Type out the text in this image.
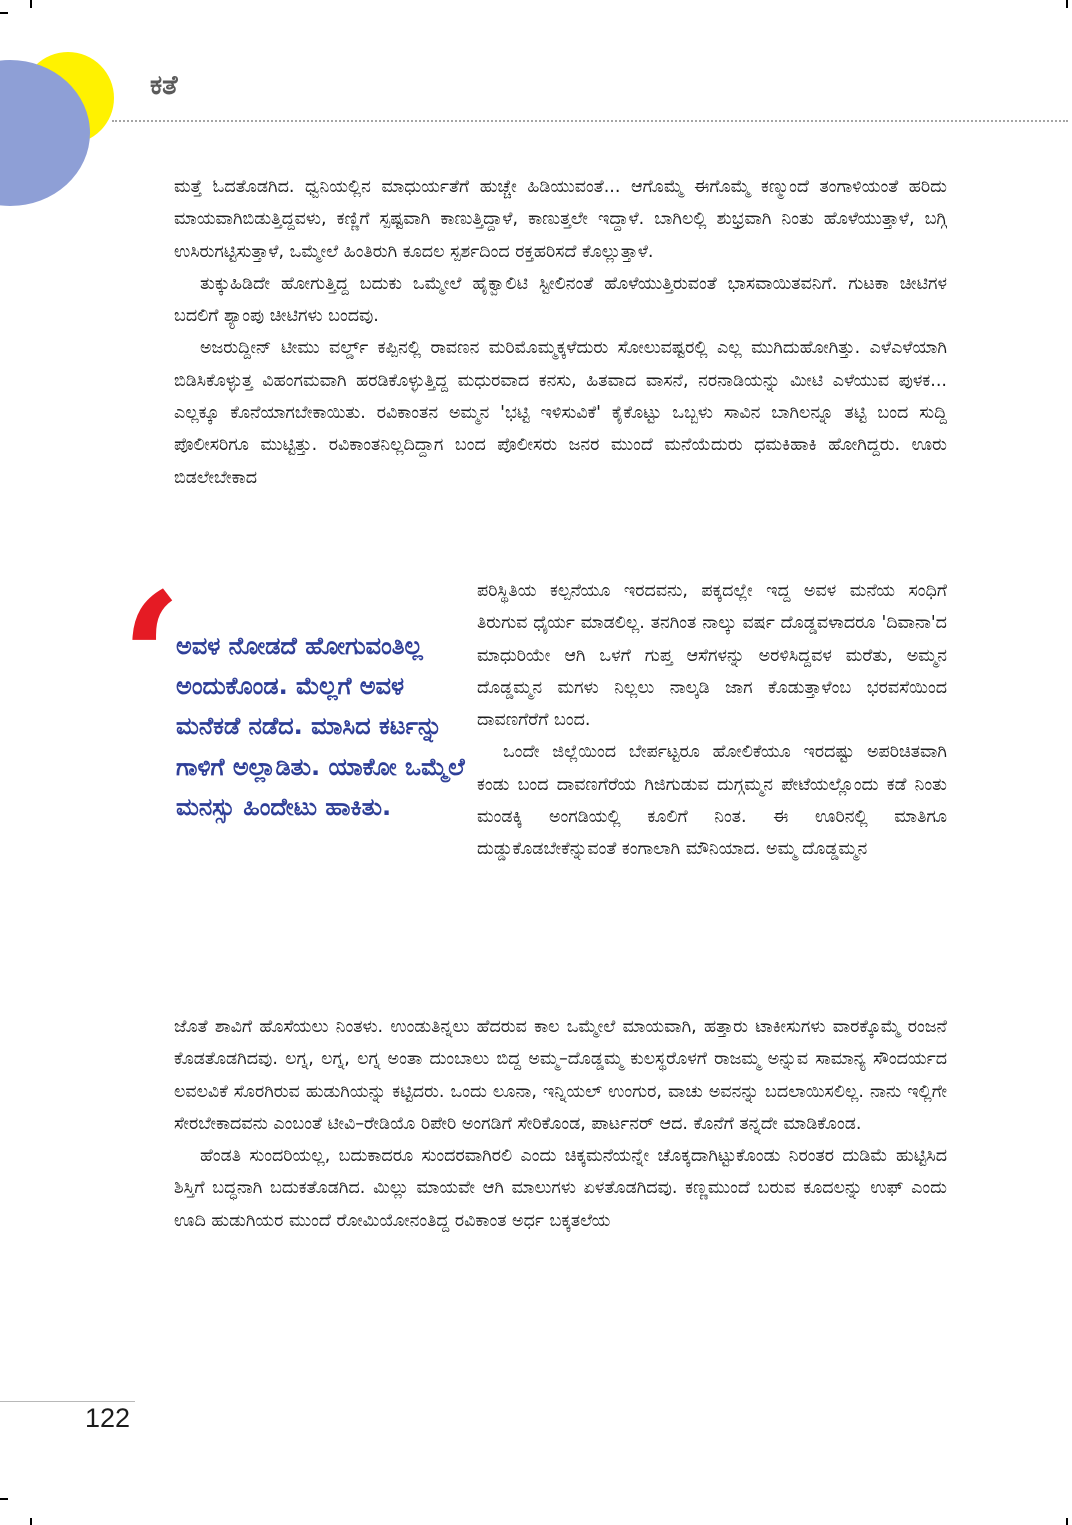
ಕತೆ

ಮತ್ತೆ ಓದತೊಡಗಿದ. ಧ್ವನಿಯಲ್ಲಿನ ಮಾಧುರ್ಯತೆಗೆ ಹುಚ್ಚೇ ಹಿಡಿಯುವಂತೆ... ಆಗೊಮ್ಮೆ ಈಗೊಮ್ಮೆ ಕಣ್ಮುಂದೆ ತಂಗಾಳಿಯಂತೆ ಹರಿದು ಮಾಯವಾಗಿಬಿಡುತ್ತಿದ್ದವಳು, ಕಣ್ಣಿಗೆ ಸ್ಪಷ್ಟವಾಗಿ ಕಾಣುತ್ತಿದ್ದಾಳೆ, ಕಾಣುತ್ತಲೇ ಇದ್ದಾಳೆ. ಬಾಗಿಲಲ್ಲಿ ಶುಭ್ರವಾಗಿ ನಿಂತು ಹೊಳೆಯುತ್ತಾಳೆ, ಬಗ್ಗಿ ಉಸಿರುಗಟ್ಟಿಸುತ್ತಾಳೆ, ಒಮ್ಮೇಲೆ ಹಿಂತಿರುಗಿ ಕೂದಲ ಸ್ಪರ್ಶದಿಂದ ರಕ್ತಹರಿಸದೆ ಕೊಲ್ಲುತ್ತಾಳೆ.

ತುಕ್ಕುಹಿಡಿದೇ ಹೋಗುತ್ತಿದ್ದ ಬದುಕು ಒಮ್ಮೇಲೆ ಹೈಕ್ವಾಲಿಟಿ ಸ್ಟೀಲಿನಂತೆ ಹೊಳೆಯುತ್ತಿರುವಂತೆ ಭಾಸವಾಯಿತವನಿಗೆ. ಗುಟಕಾ ಚೀಟಿಗಳ ಬದಲಿಗೆ ಶ್ಯಾಂಪು ಚೀಟಿಗಳು ಬಂದವು.

ಅಜರುದ್ದೀನ್ ಟೀಮು ವರ್ಲ್ಡ್ ಕಪ್ಪಿನಲ್ಲಿ ರಾವಣನ ಮರಿಮೊಮ್ಮಕ್ಕಳೆದುರು ಸೋಲುವಷ್ಟರಲ್ಲಿ ಎಲ್ಲ ಮುಗಿದುಹೋಗಿತ್ತು. ಎಳೆಎಳೆಯಾಗಿ ಬಿಡಿಸಿಕೊಳ್ಳುತ್ತ ವಿಹಂಗಮವಾಗಿ ಹರಡಿಕೊಳ್ಳುತ್ತಿದ್ದ ಮಧುರವಾದ ಕನಸು, ಹಿತವಾದ ವಾಸನೆ, ನರನಾಡಿಯನ್ನು ಮೀಟಿ ಎಳೆಯುವ ಪುಳಕ... ಎಲ್ಲಕ್ಕೂ ಕೊನೆಯಾಗಬೇಕಾಯಿತು. ರವಿಕಾಂತನ ಅಮ್ಮನ 'ಭಟ್ಟಿ ಇಳಿಸುವಿಕೆ' ಕೈಕೊಟ್ಟು ಒಬ್ಬಳು ಸಾವಿನ ಬಾಗಿಲನ್ನೂ ತಟ್ಟಿ ಬಂದ ಸುದ್ದಿ ಪೊಲೀಸರಿಗೂ ಮುಟ್ಟಿತ್ತು. ರವಿಕಾಂತನಿಲ್ಲದಿದ್ದಾಗ ಬಂದ ಪೊಲೀಸರು ಜನರ ಮುಂದೆ ಮನೆಯೆದುರು ಧಮಕಿಹಾಕಿ ಹೋಗಿದ್ದರು. ಊರು ಬಿಡಲೇಬೇಕಾದ

‘
ಅವಳ ನೋಡದೆ ಹೋಗುವಂತಿಲ್ಲ ಅಂದುಕೊಂಡ. ಮೆಲ್ಲಗೆ ಅವಳ ಮನೆಕಡೆ ನಡೆದ. ಮಾಸಿದ ಕರ್ಟನ್ನು ಗಾಳಿಗೆ ಅಲ್ಲಾಡಿತು. ಯಾಕೋ ಒಮ್ಮೆಲೆ ಮನಸ್ಸು ಹಿಂದೇಟು ಹಾಕಿತು.

ಪರಿಸ್ಥಿತಿಯ ಕಲ್ಪನೆಯೂ ಇರದವನು, ಪಕ್ಕದಲ್ಲೇ ಇದ್ದ ಅವಳ ಮನೆಯ ಸಂಧಿಗೆ ತಿರುಗುವ ಧೈರ್ಯ ಮಾಡಲಿಲ್ಲ. ತನಗಿಂತ ನಾಲ್ಕು ವರ್ಷ ದೊಡ್ಡವಳಾದರೂ 'ದಿವಾನಾ'ದ ಮಾಧುರಿಯೇ ಆಗಿ ಒಳಗೆ ಗುಪ್ತ ಆಸೆಗಳನ್ನು ಅರಳಿಸಿದ್ದವಳ ಮರೆತು, ಅಮ್ಮನ ದೊಡ್ಡಮ್ಮನ ಮಗಳು ನಿಲ್ಲಲು ನಾಲ್ಕಡಿ ಜಾಗ ಕೊಡುತ್ತಾಳೆಂಬ ಭರವಸೆಯಿಂದ ದಾವಣಗೆರೆಗೆ ಬಂದ.

ಒಂದೇ ಜಿಲ್ಲೆಯಿಂದ ಬೇರ್ಪಟ್ಟರೂ ಹೋಲಿಕೆಯೂ ಇರದಷ್ಟು ಅಪರಿಚಿತವಾಗಿ ಕಂಡು ಬಂದ ದಾವಣಗೆರೆಯ ಗಿಜಿಗುಡುವ ದುಗ್ಗಮ್ಮನ ಪೇಟೆಯಲ್ಲೊಂದು ಕಡೆ ನಿಂತು ಮಂಡಕ್ಕಿ ಅಂಗಡಿಯಲ್ಲಿ ಕೂಲಿಗೆ ನಿಂತ. ಈ ಊರಿನಲ್ಲಿ ಮಾತಿಗೂ ದುಡ್ಡುಕೊಡಬೇಕೆನ್ನುವಂತೆ ಕಂಗಾಲಾಗಿ ಮೌನಿಯಾದ. ಅಮ್ಮ ದೊಡ್ಡಮ್ಮನ

ಜೊತೆ ಶಾವಿಗೆ ಹೊಸೆಯಲು ನಿಂತಳು. ಉಂಡುತಿನ್ನಲು ಹೆದರುವ ಕಾಲ ಒಮ್ಮೇಲೆ ಮಾಯವಾಗಿ, ಹತ್ತಾರು ಟಾಕೀಸುಗಳು ವಾರಕ್ಕೊಮ್ಮೆ ರಂಜನೆ ಕೊಡತೊಡಗಿದವು. ಲಗ್ನ, ಲಗ್ನ, ಲಗ್ನ ಅಂತಾ ದುಂಬಾಲು ಬಿದ್ದ ಅಮ್ಮ–ದೊಡ್ಡಮ್ಮ ಕುಲಸ್ಥರೊಳಗೆ ರಾಜಮ್ಮ ಅನ್ನುವ ಸಾಮಾನ್ಯ ಸೌಂದರ್ಯದ ಲವಲವಿಕೆ ಸೊರಗಿರುವ ಹುಡುಗಿಯನ್ನು ಕಟ್ಟಿದರು. ಒಂದು ಲೂನಾ, ಇನ್ನಿಯಲ್ ಉಂಗುರ, ವಾಚು ಅವನನ್ನು ಬದಲಾಯಿಸಲಿಲ್ಲ. ನಾನು ಇಲ್ಲಿಗೇ ಸೇರಬೇಕಾದವನು ಎಂಬಂತೆ ಟೀವಿ–ರೇಡಿಯೊ ರಿಪೇರಿ ಅಂಗಡಿಗೆ ಸೇರಿಕೊಂಡ, ಪಾರ್ಟನರ್ ಆದ. ಕೊನೆಗೆ ತನ್ನದೇ ಮಾಡಿಕೊಂಡ.

ಹೆಂಡತಿ ಸುಂದರಿಯಲ್ಲ, ಬದುಕಾದರೂ ಸುಂದರವಾಗಿರಲಿ ಎಂದು ಚಿಕ್ಕಮನೆಯನ್ನೇ ಚೊಕ್ಕದಾಗಿಟ್ಟುಕೊಂಡು ನಿರಂತರ ದುಡಿಮೆ ಹುಟ್ಟಿಸಿದ ಶಿಸ್ತಿಗೆ ಬದ್ಧನಾಗಿ ಬದುಕತೊಡಗಿದ. ಮಿಲ್ಲು ಮಾಯವೇ ಆಗಿ ಮಾಲುಗಳು ಏಳತೊಡಗಿದವು. ಕಣ್ಣಮುಂದೆ ಬರುವ ಕೂದಲನ್ನು ಉಫ್ ಎಂದು ಊದಿ ಹುಡುಗಿಯರ ಮುಂದೆ ರೋಮಿಯೋನಂತಿದ್ದ ರವಿಕಾಂತ ಅರ್ಧ ಬಕ್ಕತಲೆಯ

122
